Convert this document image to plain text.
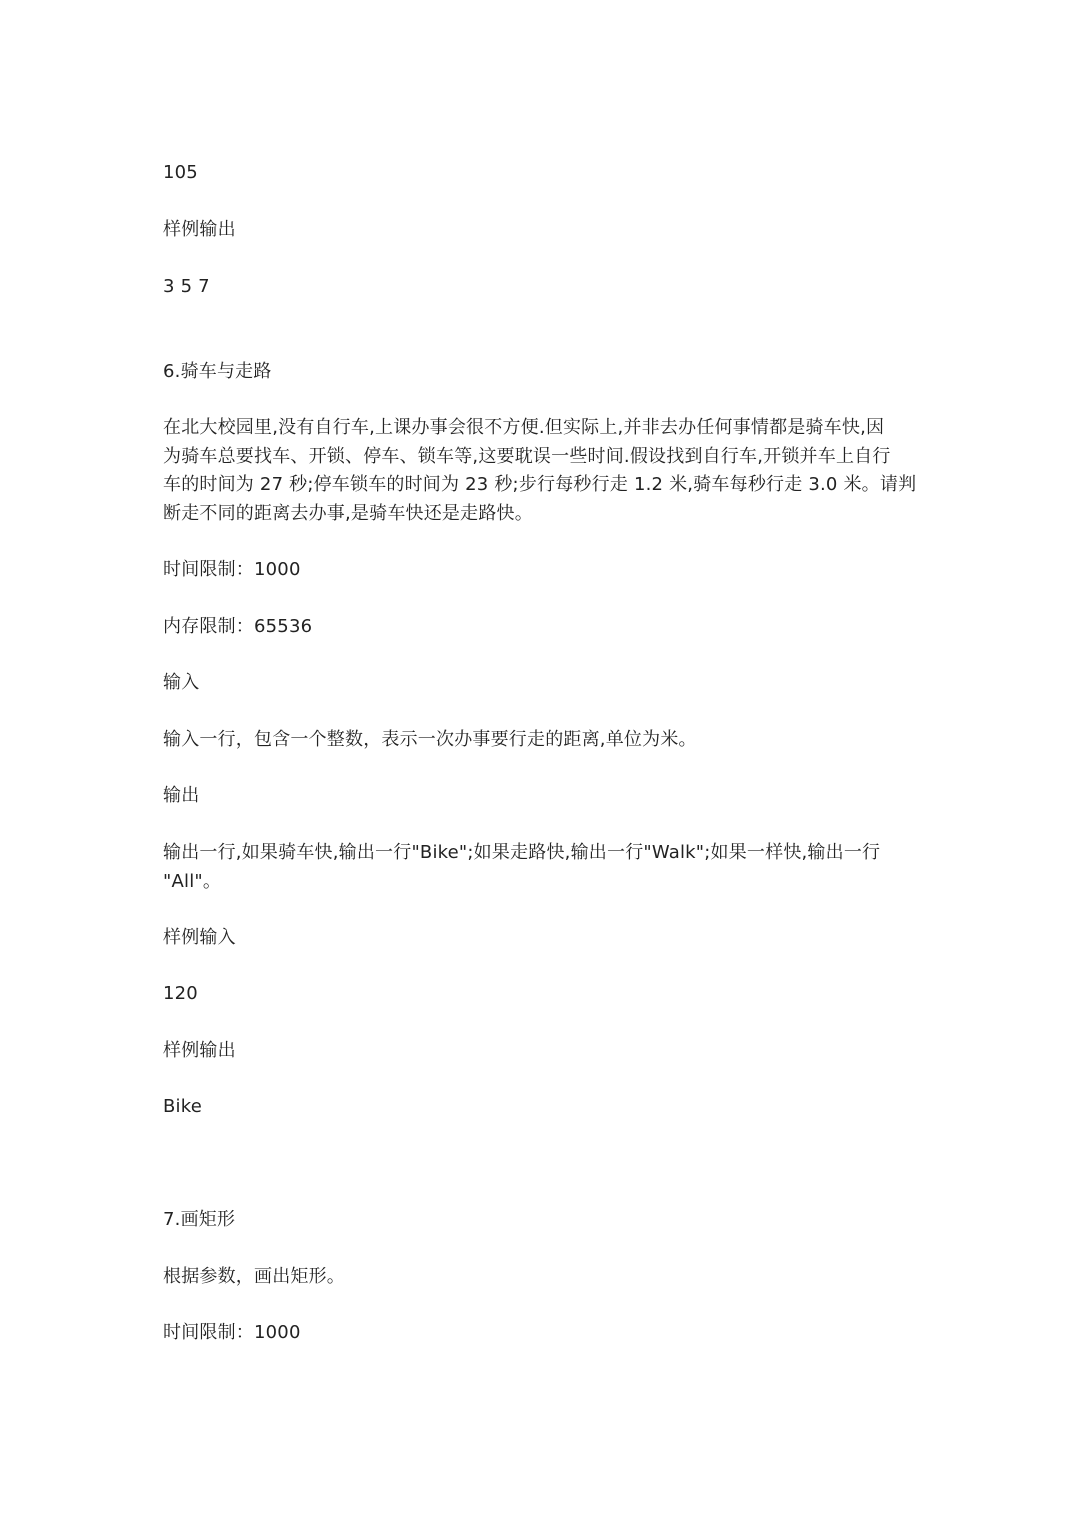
105
样例输出
3 5 7
6.骑车与走路
在北大校园里,没有自行车,上课办事会很不方便.但实际上,并非去办任何事情都是骑车快,因
为骑车总要找车、开锁、停车、锁车等,这要耽误一些时间.假设找到自行车,开锁并车上自行
车的时间为 27 秒;停车锁车的时间为 23 秒;步行每秒行走 1.2 米,骑车每秒行走 3.0 米。请判
断走不同的距离去办事,是骑车快还是走路快。
时间限制：1000
内存限制：65536
输入
输入一行，包含一个整数，表示一次办事要行走的距离,单位为米。
输出
输出一行,如果骑车快,输出一行"Bike";如果走路快,输出一行"Walk";如果一样快,输出一行
"All"。
样例输入
120
样例输出
Bike
7.画矩形
根据参数，画出矩形。
时间限制：1000
